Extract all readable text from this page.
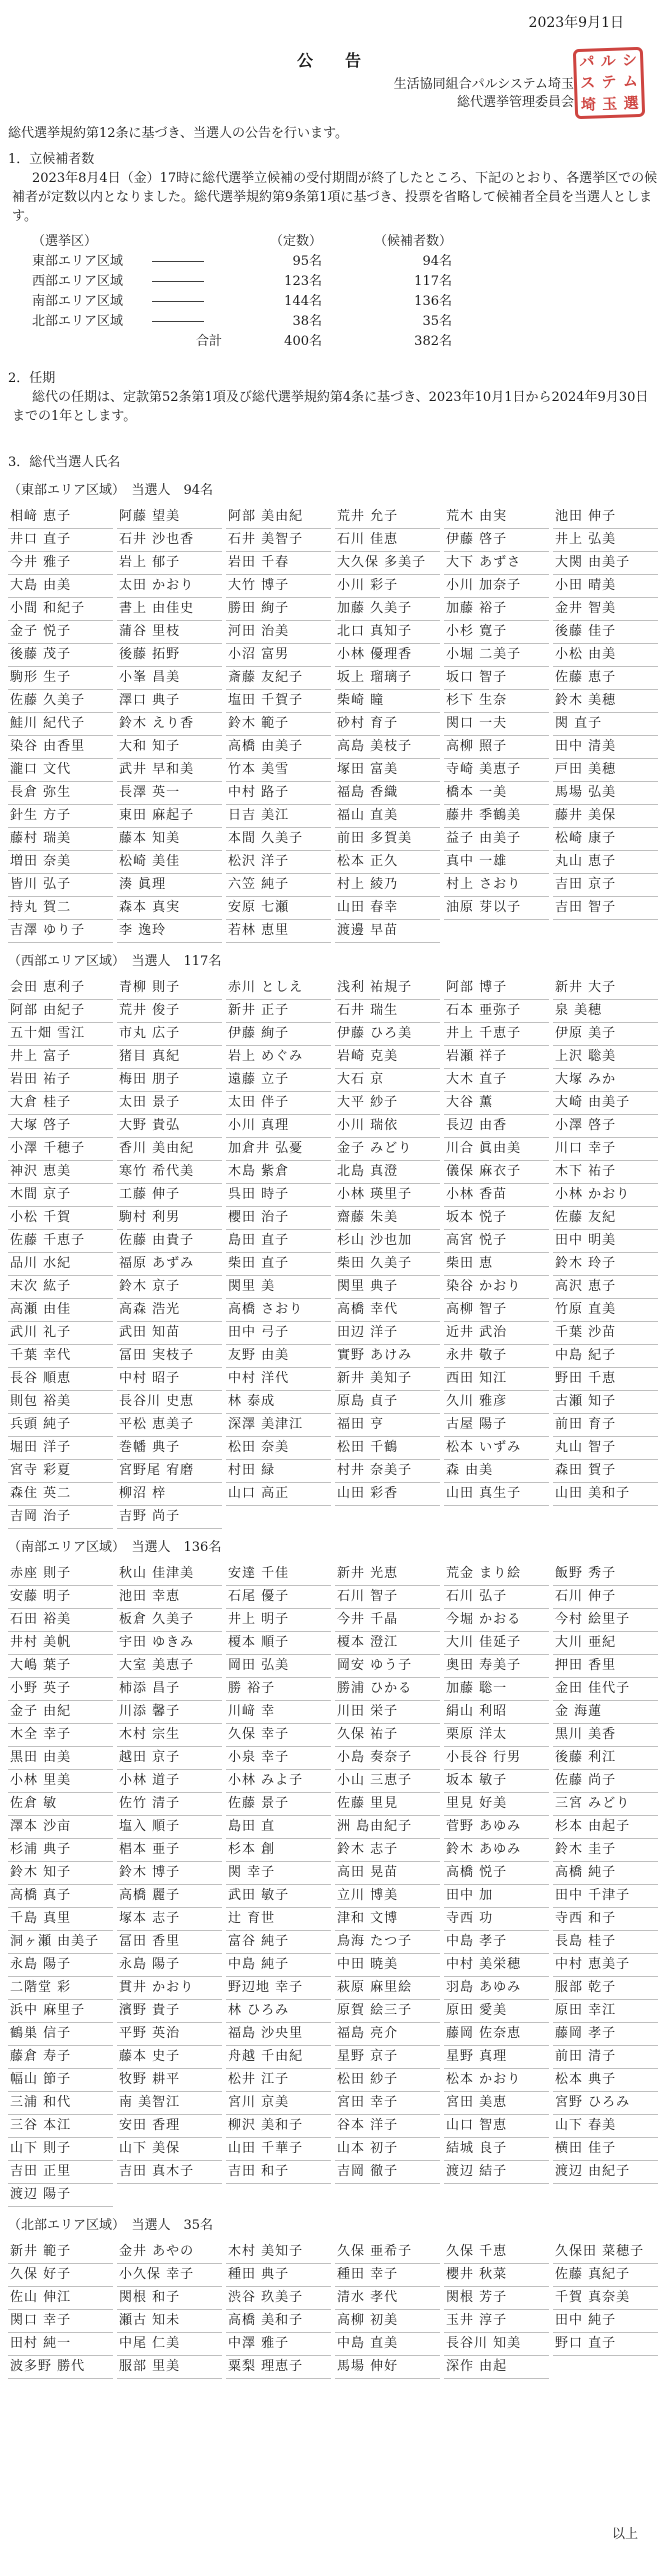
2023年9月1日
公　告
生活協同組合パルシステム埼玉
総代選挙管理委員会
パ ル シ
ス テ ム
埼 玉 選

総代選挙規約第12条に基づき、当選人の公告を行います。

1．立候補者数

2023年8月4日（金）17時に総代選挙立候補の受付期間が終了したところ、下記のとおり、各選挙区での候補者が定数以内となりました。総代選挙規約第9条第1項に基づき、投票を省略して候補者全員を当選人とします。

（選挙区）		（定数）	（候補者数）
東部エリア区域	――――	95名	94名
西部エリア区域	――――	123名	117名
南部エリア区域	――――	144名	136名
北部エリア区域	――――	38名	35名
	合計	400名	382名
2．任期

総代の任期は、定款第52条第1項及び総代選挙規約第4条に基づき、2023年10月1日から2024年9月30日までの1年とします。

3．総代当選人氏名
（東部エリア区域）　当選人　94名
相﨑 恵子	阿藤 望美	阿部 美由紀	荒井 允子	荒木 由実	池田 伸子
井口 直子	石井 沙也香	石井 美智子	石川 佳恵	伊藤 啓子	井上 弘美
今井 雅子	岩上 郁子	岩田 千春	大久保 多美子	大下 あずさ	大関 由美子
大島 由美	太田 かおり	大竹 博子	小川 彩子	小川 加奈子	小田 晴美
小間 和紀子	書上 由佳史	勝田 絢子	加藤 久美子	加藤 裕子	金井 智美
金子 悦子	蒲谷 里枝	河田 治美	北口 真知子	小杉 寛子	後藤 佳子
後藤 茂子	後藤 拓野	小沼 富男	小林 優理香	小堀 二美子	小松 由美
駒形 生子	小峯 昌美	斎藤 友紀子	坂上 瑠璃子	坂口 智子	佐藤 恵子
佐藤 久美子	澤口 典子	塩田 千賀子	柴崎 瞳	杉下 生奈	鈴木 美穂
鮭川 紀代子	鈴木 えり香	鈴木 範子	砂村 育子	関口 一夫	関 直子
染谷 由香里	大和 知子	高橋 由美子	高島 美枝子	高柳 照子	田中 清美
瀧口 文代	武井 早和美	竹本 美雪	塚田 富美	寺崎 美恵子	戸田 美穂
長倉 弥生	長澤 英一	中村 路子	福島 香織	橋本 一美	馬場 弘美
針生 方子	東田 麻起子	日吉 美江	福山 直美	藤井 季鶴美	藤井 美保
藤村 瑞美	藤本 知美	本間 久美子	前田 多賀美	益子 由美子	松崎 康子
増田 奈美	松崎 美佳	松沢 洋子	松本 正久	真中 一雄	丸山 恵子
皆川 弘子	湊 眞理	六笠 純子	村上 綾乃	村上 さおり	吉田 京子
持丸 賀二	森本 真実	安原 七瀬	山田 春幸	油原 芽以子	吉田 智子
吉澤 ゆり子	李 逸玲	若林 恵里	渡邊 早苗
（西部エリア区域）　当選人　117名
会田 恵利子	青柳 則子	赤川 としえ	浅利 祐規子	阿部 博子	新井 大子
阿部 由紀子	荒井 俊子	新井 正子	石井 瑞生	石本 亜弥子	泉 美穂
五十畑 雪江	市丸 広子	伊藤 絢子	伊藤 ひろ美	井上 千恵子	伊原 美子
井上 富子	猪目 真紀	岩上 めぐみ	岩崎 克美	岩瀬 祥子	上沢 聡美
岩田 祐子	梅田 朋子	遠藤 立子	大石 京	大木 直子	大塚 みか
大倉 桂子	太田 景子	太田 伴子	大平 紗子	大谷 薫	大崎 由美子
大塚 啓子	大野 貴弘	小川 真理	小川 瑞依	長辺 由香	小澤 啓子
小澤 千穂子	香川 美由紀	加倉井 弘憂	金子 みどり	川合 眞由美	川口 幸子
神沢 恵美	寒竹 希代美	木島 紫倉	北島 真澄	儀保 麻衣子	木下 祐子
木間 京子	工藤 伸子	呉田 時子	小林 瑛里子	小林 香苗	小林 かおり
小松 千賀	駒村 利男	櫻田 治子	齋藤 朱美	坂本 悦子	佐藤 友紀
佐藤 千恵子	佐藤 由貴子	島田 直子	杉山 沙也加	高宮 悦子	田中 明美
品川 水紀	福原 あずみ	柴田 直子	柴田 久美子	柴田 恵	鈴木 玲子
末次 紘子	鈴木 京子	関里 美	関里 典子	染谷 かおり	高沢 恵子
高瀬 由佳	高森 浩光	高橋 さおり	高橋 幸代	高柳 智子	竹原 直美
武川 礼子	武田 知苗	田中 弓子	田辺 洋子	近井 武治	千葉 沙苗
千葉 幸代	冨田 実枝子	友野 由美	實野 あけみ	永井 敬子	中島 紀子
長谷 順恵	中村 昭子	中村 洋代	新井 美知子	西田 知江	野田 千恵
則包 裕美	長谷川 史恵	林 泰成	原島 貞子	久川 雅彦	古瀬 知子
兵頭 純子	平松 恵美子	深澤 美津江	福田 亨	古屋 陽子	前田 育子
堀田 洋子	巻幡 典子	松田 奈美	松田 千鶴	松本 いずみ	丸山 智子
宮寺 彩夏	宮野尾 宥磨	村田 緑	村井 奈美子	森 由美	森田 賀子
森住 英二	柳沼 梓	山口 高正	山田 彩香	山田 真生子	山田 美和子
吉岡 治子	吉野 尚子
（南部エリア区域）　当選人　136名
赤座 則子	秋山 佳津美	安達 千佳	新井 光恵	荒金 まり絵	飯野 秀子
安藤 明子	池田 幸恵	石尾 優子	石川 智子	石川 弘子	石川 伸子
石田 裕美	板倉 久美子	井上 明子	今井 千晶	今堀 かおる	今村 絵里子
井村 美帆	宇田 ゆきみ	榎本 順子	榎本 澄江	大川 佳延子	大川 亜紀
大嶋 葉子	大室 美恵子	岡田 弘美	岡安 ゆう子	奥田 寿美子	押田 香里
小野 英子	柿添 昌子	勝 裕子	勝浦 ひかる	加藤 聡一	金田 佳代子
金子 由紀	川添 馨子	川﨑 幸	川田 栄子	絹山 利昭	金 海蓮
木全 幸子	木村 宗生	久保 幸子	久保 祐子	栗原 洋太	黒川 美香
黒田 由美	越田 京子	小泉 幸子	小島 奏奈子	小長谷 行男	後藤 利江
小林 里美	小林 道子	小林 みよ子	小山 三恵子	坂本 敏子	佐藤 尚子
佐倉 敏	佐竹 清子	佐藤 景子	佐藤 里見	里見 好美	三宮 みどり
澤本 沙亩	塩入 順子	島田 直	洲 島由紀子	菅野 あゆみ	杉本 由起子
杉浦 典子	椙本 亜子	杉本 創	鈴木 志子	鈴木 あゆみ	鈴木 圭子
鈴木 知子	鈴木 博子	関 幸子	高田 晃苗	高橋 悦子	高橋 純子
高橋 真子	高橋 麗子	武田 敏子	立川 博美	田中 加	田中 千津子
千島 真里	塚本 志子	辻 育世	津和 文博	寺西 功	寺西 和子
洞ヶ瀬 由美子	冨田 香里	富谷 純子	鳥海 たつ子	中島 孝子	長島 桂子
永島 陽子	永島 陽子	中島 純子	中田 暁美	中村 美栄穂	中村 恵美子
二階堂 彩	貫井 かおり	野辺地 幸子	萩原 麻里絵	羽島 あゆみ	服部 乾子
浜中 麻里子	濱野 貴子	林 ひろみ	原賀 絵三子	原田 愛美	原田 幸江
鶴巣 信子	平野 英治	福島 沙央里	福島 亮介	藤岡 佐奈恵	藤岡 孝子
藤倉 寿子	藤本 史子	舟越 千由紀	星野 京子	星野 真理	前田 清子
幅山 節子	牧野 耕平	松井 江子	松田 紗子	松本 かおり	松本 典子
三浦 和代	南 美智江	宮川 京美	宮田 幸子	宮田 美恵	宮野 ひろみ
三谷 本江	安田 香理	柳沢 美和子	谷本 洋子	山口 智恵	山下 春美
山下 則子	山下 美保	山田 千華子	山本 初子	結城 良子	横田 佳子
吉田 正里	吉田 真木子	吉田 和子	吉岡 徹子	渡辺 結子	渡辺 由紀子
渡辺 陽子
（北部エリア区域）　当選人　35名
新井 範子	金井 あやの	木村 美知子	久保 亜希子	久保 千恵	久保田 菜穂子
久保 好子	小久保 幸子	種田 典子	種田 幸子	櫻井 秋菜	佐藤 真紀子
佐山 伸江	関根 和子	渋谷 玖美子	清水 孝代	関根 芳子	千賀 真奈美
関口 幸子	瀬古 知未	高橋 美和子	高柳 初美	玉井 淳子	田中 純子
田村 純一	中尾 仁美	中澤 雅子	中島 直美	長谷川 知美	野口 直子
波多野 勝代	服部 里美	粟梨 理恵子	馬場 伸好	深作 由起
以上
